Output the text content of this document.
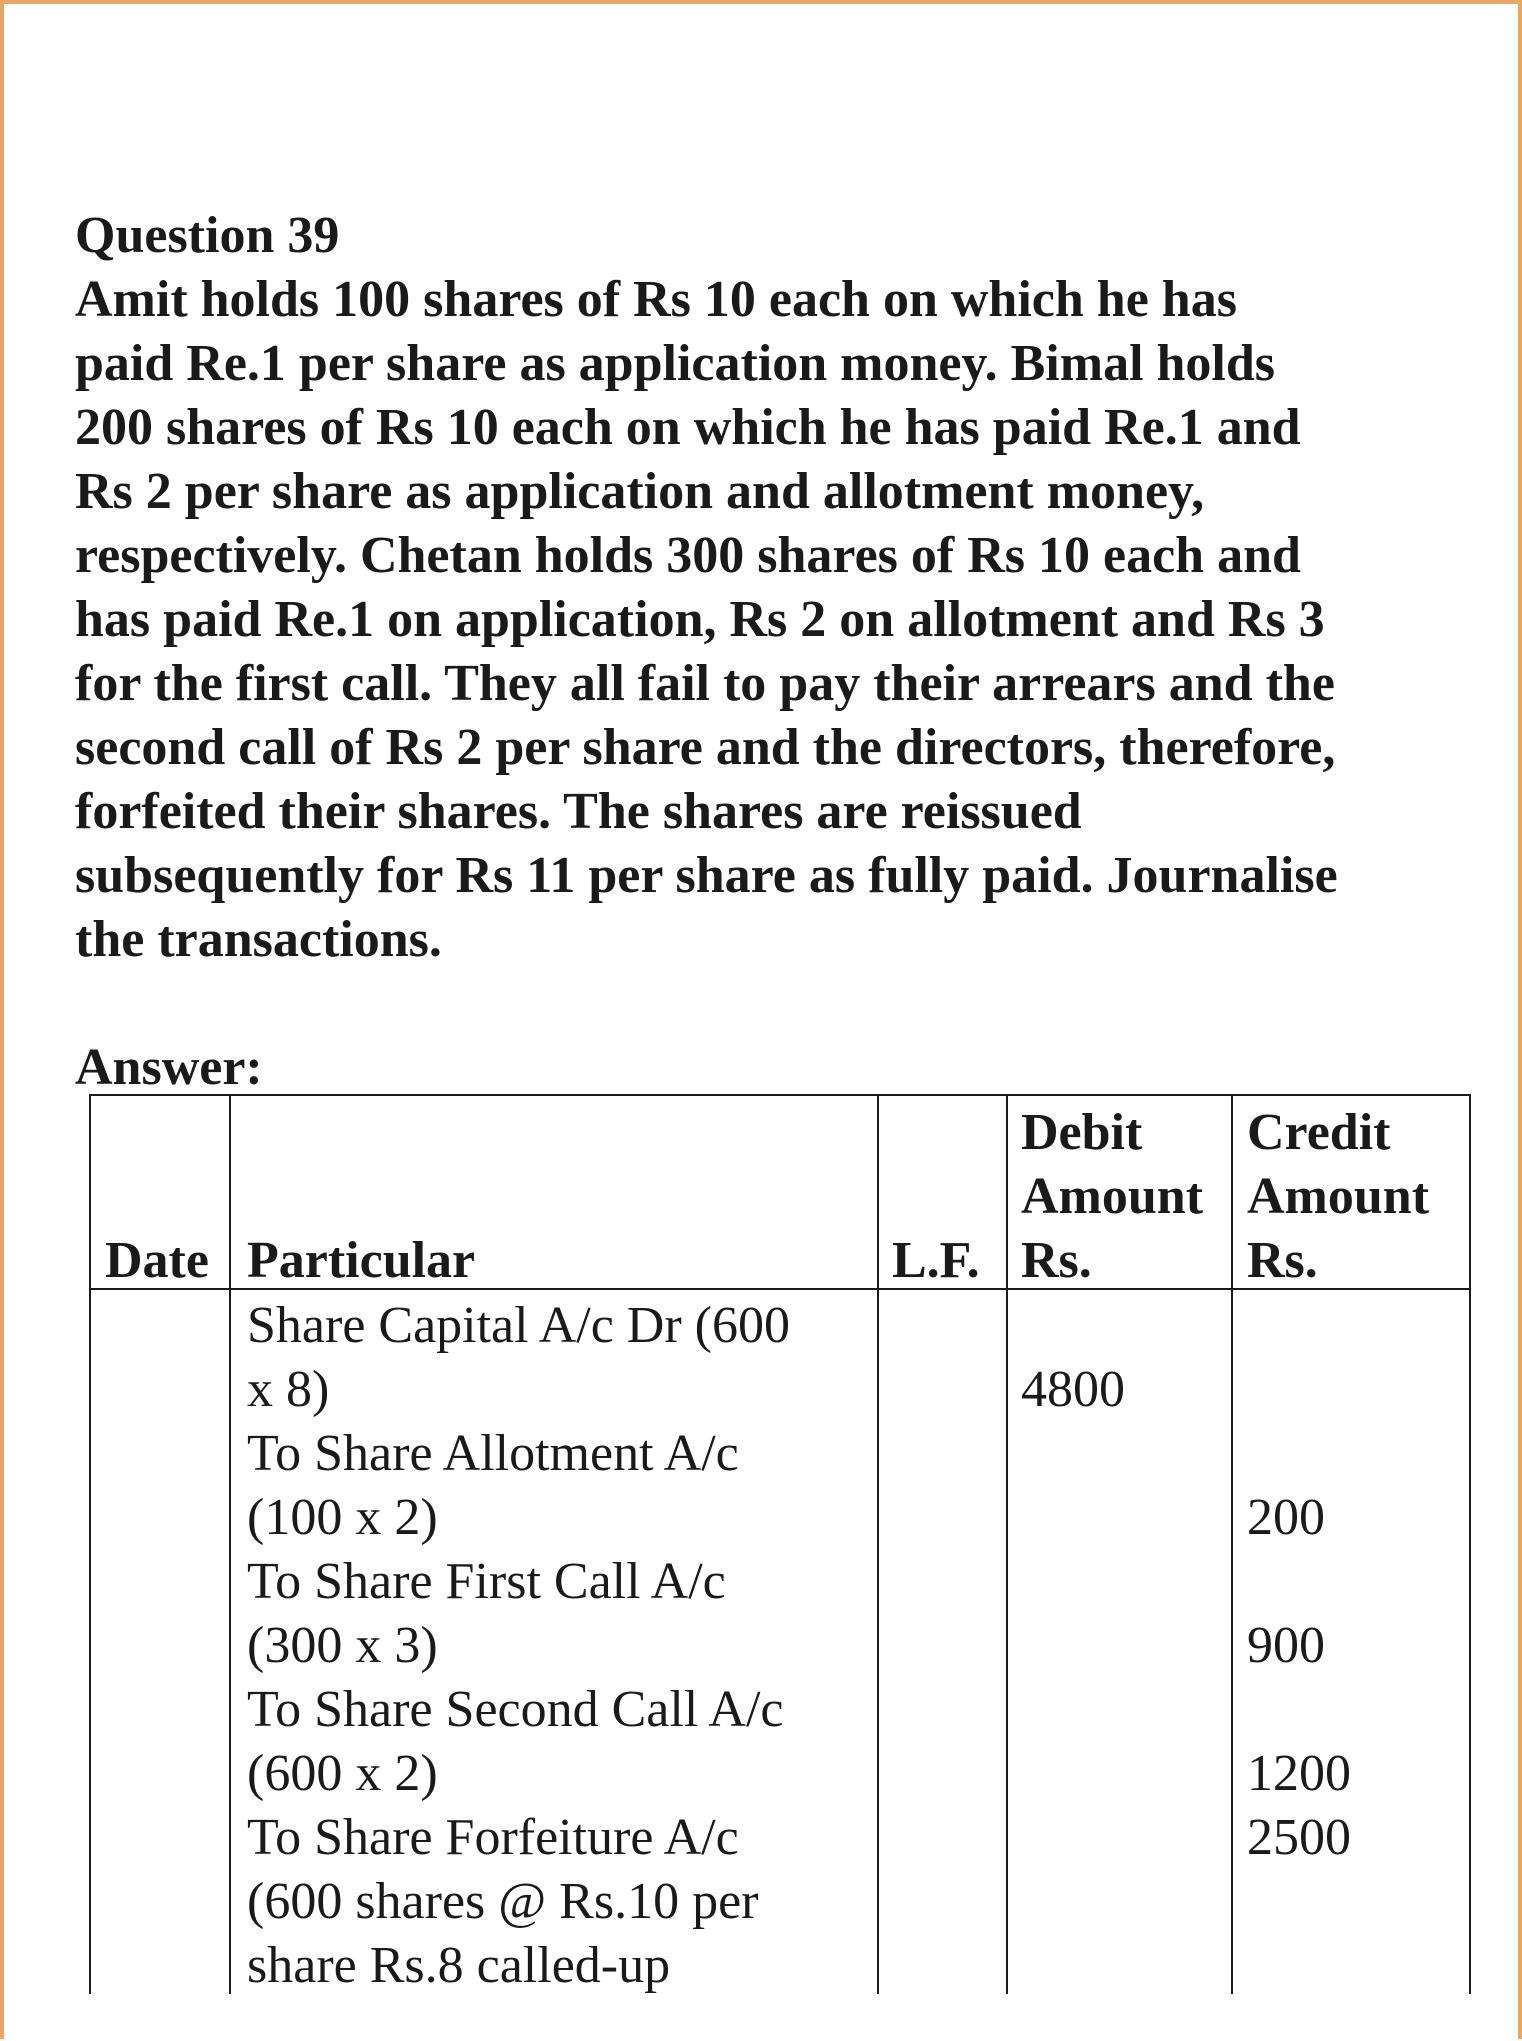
Question 39
Amit holds 100 shares of Rs 10 each on which he has
paid Re.1 per share as application money. Bimal holds
200 shares of Rs 10 each on which he has paid Re.1 and
Rs 2 per share as application and allotment money,
respectively. Chetan holds 300 shares of Rs 10 each and
has paid Re.1 on application, Rs 2 on allotment and Rs 3
for the first call. They all fail to pay their arrears and the
second call of Rs 2 per share and the directors, therefore,
forfeited their shares. The shares are reissued
subsequently for Rs 11 per share as fully paid. Journalise
the transactions.
Answer:
Date Particular	L.F.
Debit
Amount
Rs.
Credit
Amount
Rs.
Share Capital A/c Dr (600
x 8)
To Share Allotment A/c
(100 x 2)
To Share First Call A/c
(300 x 3)
To Share Second Call A/c
(600 x 2)
To Share Forfeiture A/c
(600 shares @ Rs.10 per
share Rs.8 called-up
4800
200
900
1200
2500
